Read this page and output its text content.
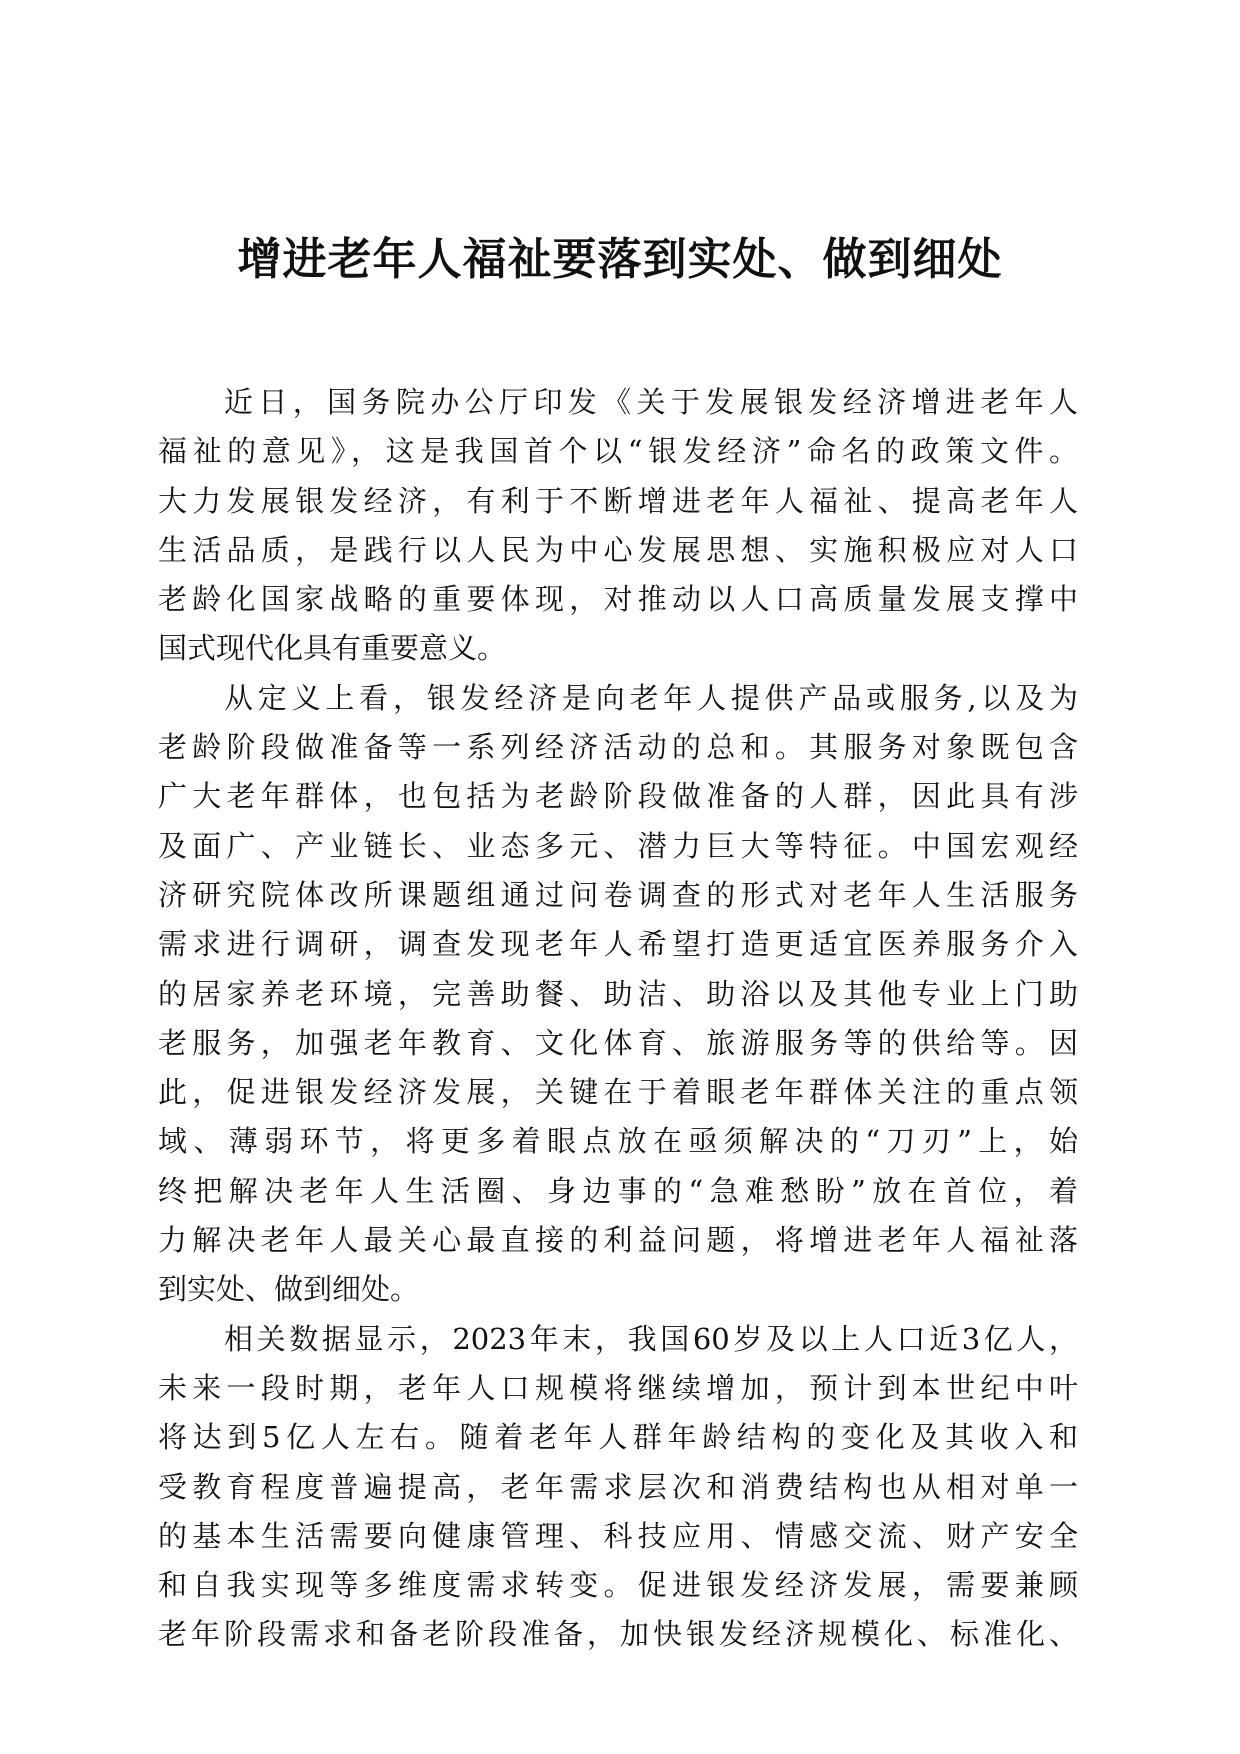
增进老年人福祉要落到实处、做到细处
近日，国务院办公厅印发《关于发展银发经济增进老年人
福祉的意见》，这是我国首个以“银发经济”命名的政策文件。
大力发展银发经济，有利于不断增进老年人福祉、提高老年人
生活品质，是践行以人民为中心发展思想、实施积极应对人口
老龄化国家战略的重要体现，对推动以人口高质量发展支撑中
国式现代化具有重要意义。
从定义上看，银发经济是向老年人提供产品或服务,以及为
老龄阶段做准备等一系列经济活动的总和。其服务对象既包含
广大老年群体，也包括为老龄阶段做准备的人群，因此具有涉
及面广、产业链长、业态多元、潜力巨大等特征。中国宏观经
济研究院体改所课题组通过问卷调查的形式对老年人生活服务
需求进行调研，调查发现老年人希望打造更适宜医养服务介入
的居家养老环境，完善助餐、助洁、助浴以及其他专业上门助
老服务，加强老年教育、文化体育、旅游服务等的供给等。因
此，促进银发经济发展，关键在于着眼老年群体关注的重点领
域、薄弱环节，将更多着眼点放在亟须解决的“刀刃”上，始
终把解决老年人生活圈、身边事的“急难愁盼”放在首位，着
力解决老年人最关心最直接的利益问题，将增进老年人福祉落
到实处、做到细处。
相关数据显示，2023年末，我国60岁及以上人口近3亿人，
未来一段时期，老年人口规模将继续增加，预计到本世纪中叶
将达到5亿人左右。随着老年人群年龄结构的变化及其收入和
受教育程度普遍提高，老年需求层次和消费结构也从相对单一
的基本生活需要向健康管理、科技应用、情感交流、财产安全
和自我实现等多维度需求转变。促进银发经济发展，需要兼顾
老年阶段需求和备老阶段准备，加快银发经济规模化、标准化、
